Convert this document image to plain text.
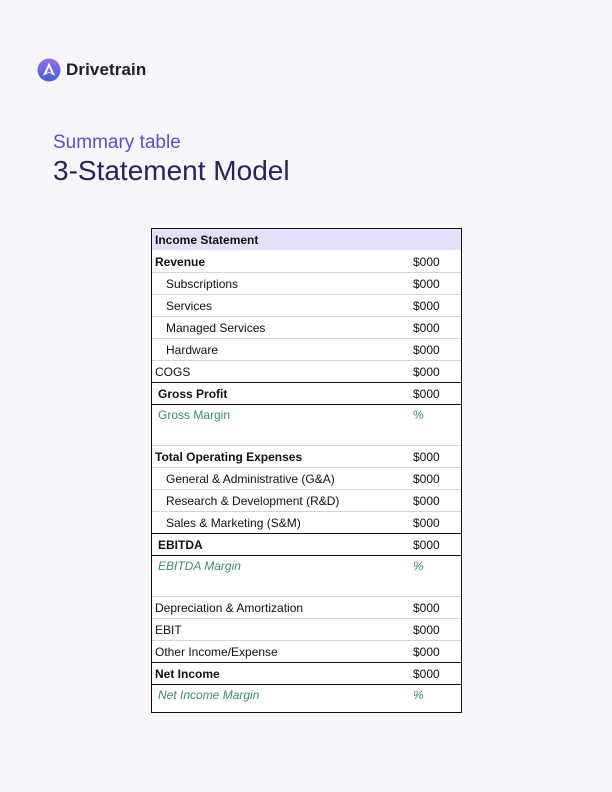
Drivetrain
Summary table
3-Statement Model
Income Statement
Revenue	$000
Subscriptions	$000
Services	$000
Managed Services	$000
Hardware	$000
COGS	$000
Gross Profit	$000
Gross Margin	%
Total Operating Expenses	$000
General & Administrative (G&A)	$000
Research & Development (R&D)	$000
Sales & Marketing (S&M)	$000
EBITDA	$000
EBITDA Margin	%
Depreciation & Amortization	$000
EBIT	$000
Other Income/Expense	$000
Net Income	$000
Net Income Margin	%
